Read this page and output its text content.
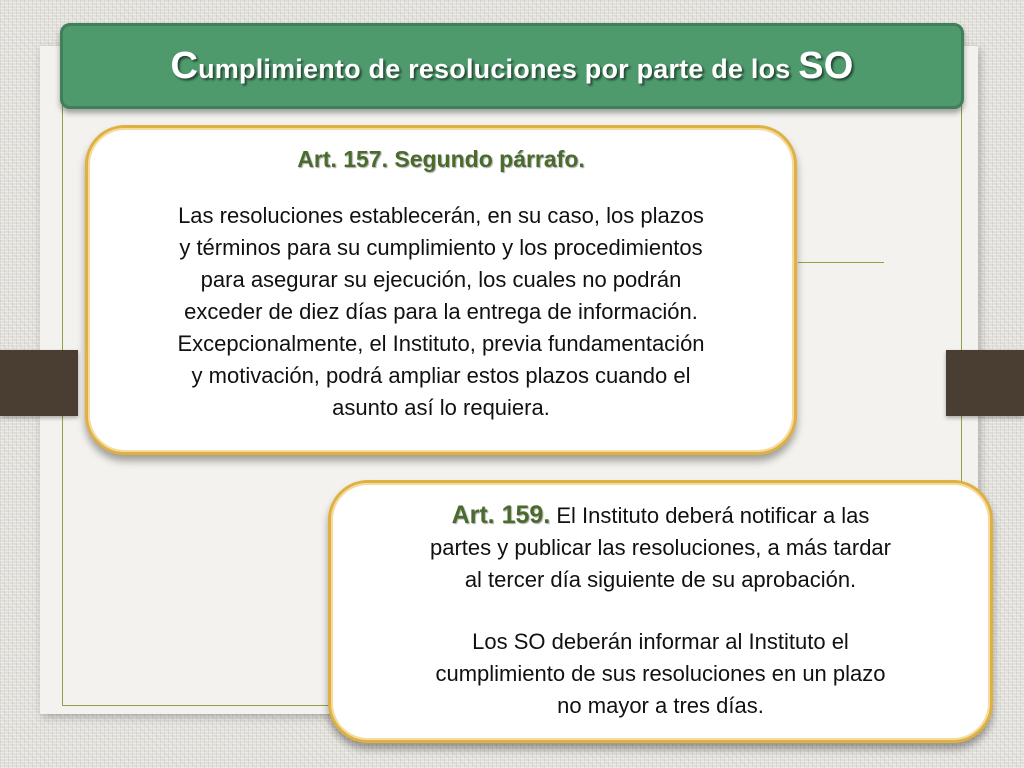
Cumplimiento de resoluciones por parte de los SO
Art. 157. Segundo párrafo.
Las resoluciones establecerán, en su caso, los plazos
y términos para su cumplimiento y los procedimientos
para asegurar su ejecución, los cuales no podrán
exceder de diez días para la entrega de información.
Excepcionalmente, el Instituto, previa fundamentación
y motivación, podrá ampliar estos plazos cuando el
asunto así lo requiera.
Art. 159. El Instituto deberá notificar a las
partes y publicar las resoluciones, a más tardar
al tercer día siguiente de su aprobación.
Los SO deberán informar al Instituto el
cumplimiento de sus resoluciones en un plazo
no mayor a tres días.
